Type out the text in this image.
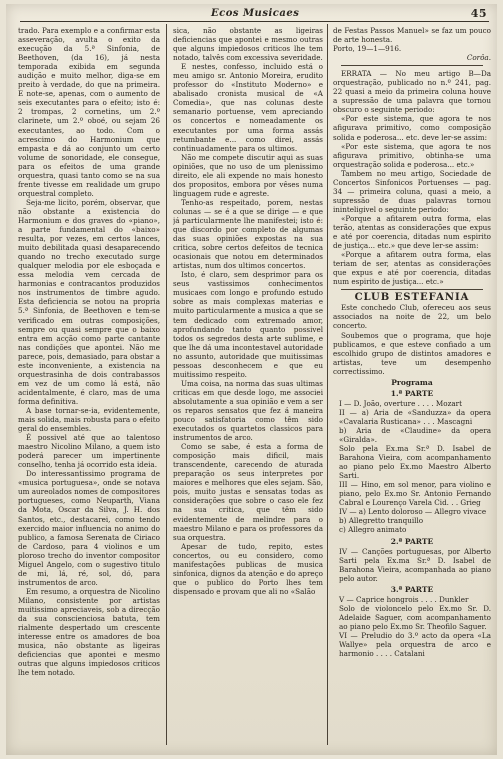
Ecos Musicaes	45

trado. Para exemplo e a confirmar esta asseveração, avulta o exito da execução da 5.ª Sinfonia, de Beethoven, (da 16), já nesta temporada exibida em segunda audição e muito melhor, diga-se em preito à verdade, do que na primeira. E note-se, apenas, com o aumento de seis executantes para o efeito; isto é: 2 trompas, 2 cornetins, um 2.º clarinete, um 2.º oboé, ou sejam 26 executantes, ao todo. Com o acrescimo do Harmonium que empasta e dá ao conjunto um certo volume de sonoridade, ele consegue, para os efeitos de uma grande orquestra, quasi tanto como se na sua frente tivesse em realidade um grupo orquestral completo.

Seja-me licito, porém, observar, que não obstante a existencia do Harmonium e dos graves do «piano», a parte fundamental do «baixo» resulta, por vezes, em certos lances, muito debilitada quasi desaparecendo quando no trecho executado surge qualquer melodia por ele esboçada e essa melodia vem cercada de harmonias e contracantos produzidos nos instrumentos de timbre agudo. Esta deficiencia se notou na propria 5.ª Sinfonia, de Beethoven e tem-se verificado em outras composições, sempre ou quasi sempre que o baixo entra em acção como parte cantante nas condições que apontei. Não me parece, pois, demasiado, para obstar a este inconveniente, a existencia na orquestrasinha de dois contrabassos em vez de um como lá está, não acidentalmente, é claro, mas de uma forma definitiva.

A base tornar-se-ia, evidentemente, mais solida, mais robusta para o efeito geral do ensembles.

É possivel até que ao talentoso maestro Nicolino Milano, a quem isto poderá parecer um impertinente conselho, tenha já ocorrido esta ideia.

Do interessantissimo programa de «musica portuguesa», onde se notava um aureolados nomes de compositores portugueses, como Neuparth, Viana da Mota, Oscar da Silva, J. H. dos Santos, etc., destacarei, como tendo exercido maior influencia no animo do publico, a famosa Serenata de Ciriaco de Cardoso, para 4 violinos e um ploroso trecho do inventor compositor Miguel Angelo, com o sugestivo titulo de mi, lá, ré, sol, dó, para instrumentos de arco.

Em resumo, a orquestra de Nicolino Milano, consistente por artistas muitissimo apreciaveis, sob a direcção da sua conscienciosa batuta, tem rialmente despertado um crescente interesse entre os amadores de boa musica, não obstante as ligeiras deficiencias que apontei e mesmo outras que alguns impiedosos criticos lhe tem notado.

sica, não obstante as ligeiras deficiencias que apontei e mesmo outras que alguns impiedosos criticos lhe tem notado, talvês com excessiva severidade.

E nestes, confesso, incluido está o meu amigo sr. Antonio Moreira, erudito professor do «Instituto Moderno» e abalisado cronista musical de «A Comedia», que nas colunas deste semanario portuense, vem apreciando os concertos e nomeadamente os executantes por uma forma assás retumbante e... como direi, assás continuadamente para os ultimos.

Não me compete discutir aqui as suas opiniões, que no uso de um plenissimo direito, ele ali expende no mais honesto dos propositos, embora por vêses numa linguagem rude e agreste.

Tenho-as respeitado, porem, nestas colunas — se é a que se dirige — e que já particularmente lhe manifestei; isto é: que discordo por completo de algumas das suas opiniões expostas na sua critica, sobre certos defeitos de tecnica ocasionais que notou em determinados artistas, num dos ultimos concertos.

Isto, é claro, sem desprimor para os seus vastissimos conhecimentos musicaes com longo e profundo estudo sobre as mais complexas materias e muito particularmente a musica a que se tem dedicado com extremado amor, aprofundando tanto quanto possivel todos os segredos desta arte sublime, e que lhe dá uma incontestavel autoridade no assunto, autoridade que muitissimas pessoas desconhecem e que eu muitissimo respeito.

Uma coisa, na norma das suas ultimas criticas em que desde logo, me associei absolutamente a sua opinião e vem a ser os reparos sensatos que fez á maneira pouco satisfatoria como têm sido executados os quartetos classicos para instrumentos de arco.

Como se sabe, é esta a forma de composição mais dificil, mais transcendente, carecendo de aturada preparação os seus interpretes por maiores e melhores que eles sejam. São, pois, muito justas e sensatas todas as considerações que sobre o caso ele fez na sua critica, que têm sido evidentemente de melindre para o maestro Milano e para os professores da sua orquestra.

Apesar de tudo, repito, estes concertos, ou eu considero, como manifestações publicas de musica sinfonica, dignos da atenção e do apreço que o publico do Porto lhes tem dispensado e provam que ali no «Salão

de Festas Passos Manuel» se faz um pouco de arte honesta.

Porto, 19—1—916.

Corôa.

ERRATA — No meu artigo B—Da orquestração, publicado no n.º 241, pag. 22 quasi a meio da primeira coluna houve a supressão de uma palavra que tornou obscuro o seguinte periodo:

«Por este sistema, que agora te nos afigurava primitivo, como composição solida e poderosa... etc. deve ler-se assim:

«Por este sistema, que agora te nos afigurava primitivo, obtinha-se uma orquestração solida e poderosa... etc.»

Tambem no meu artigo, Sociedade de Concertos Sinfonicos Portuenses — pag. 34 — primeira coluna, quasi a meio, a supressão de duas palavras tornou ininteligivel o seguinte periodo:

«Porque a afitarem outra forma, elas terão, atentas as considerações que expus e até por coerencia, ditadas num espirito de justiça... etc.» que deve ler-se assim:

«Porque a afitarem outra forma, elas teriam de ser, atentas as considerações que expus e até por coerencia, ditadas num espirito de justiça... etc.»

CLUB ESTEFANIA

Este conchedo Club, ofereceu aos seus associados na noite de 22, um belo concerto.

Soubemos que o programa, que hoje publicamos, e que esteve confiado a um escolhido grupo de distintos amadores e artistas, teve um desempenho correctissimo.

Programa

1.ª PARTE

I — D. João, overture . . . . Mozart

II — a) Aria de «Sanduzza» da opera «Cavalaria Rusticana» . . . Mascagni

b) Aria de «Claudine» da opera «Giralda».

Solo pela Ex.ma Sr.ª D. Isabel de Barahona Vieira, com acompanhamento ao piano pelo Ex.mo Maestro Alberto Sarti.

III — Hino, em sol menor, para violino e piano, pelo Ex.mo Sr. Antonio Fernando Cabral e Lourenço Varela Cid. . . Grieg

IV — a) Lento doloroso — Allegro vivace

b) Allegretto tranquillo

c) Allegro animato

2.ª PARTE

IV — Canções portuguesas, por Alberto Sarti pela Ex.ma Sr.ª D. Isabel de Barahona Vieira, acompanhada ao piano pelo autor.

3.ª PARTE

V — Caprice hongrois . . . . Dunkler

Solo de violoncelo pelo Ex.mo Sr. D. Adelaide Saguer, com acompanhamento ao piano pelo Ex.mo Sr. Theofilo Saguer.

VI — Preludio do 3.º acto da opera «La Wallye» pela orquestra de arco e harmonio . . . . Catalani
